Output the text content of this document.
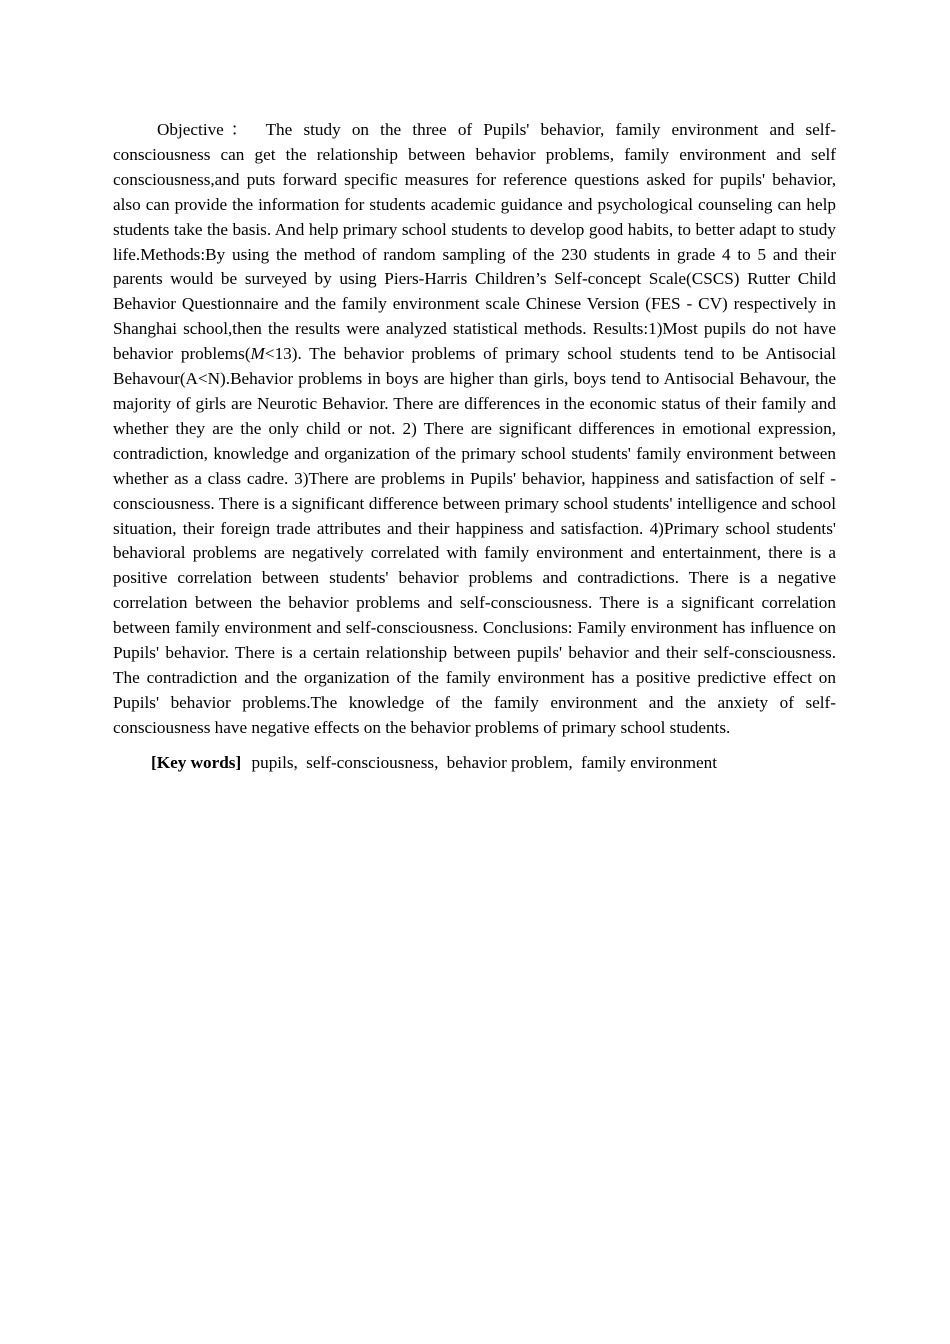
Objective： The study on the three of Pupils' behavior, family environment and self-consciousness can get the relationship between behavior problems, family environment and self consciousness,and puts forward specific measures for reference questions asked for pupils' behavior, also can provide the information for students academic guidance and psychological counseling can help students take the basis. And help primary school students to develop good habits, to better adapt to study life.Methods:By using the method of random sampling of the 230 students in grade 4 to 5 and their parents would be surveyed by using Piers-Harris Children’s Self-concept Scale(CSCS) Rutter Child Behavior Questionnaire and the family environment scale Chinese Version (FES - CV) respectively in Shanghai school,then the results were analyzed statistical methods. Results:1)Most pupils do not have behavior problems(M<13). The behavior problems of primary school students tend to be Antisocial Behavour(A<N).Behavior problems in boys are higher than girls, boys tend to Antisocial Behavour, the majority of girls are Neurotic Behavior. There are differences in the economic status of their family and whether they are the only child or not. 2) There are significant differences in emotional expression, contradiction, knowledge and organization of the primary school students' family environment between whether as a class cadre. 3)There are problems in Pupils' behavior, happiness and satisfaction of self - consciousness. There is a significant difference between primary school students' intelligence and school situation, their foreign trade attributes and their happiness and satisfaction. 4)Primary school students' behavioral problems are negatively correlated with family environment and entertainment, there is a positive correlation between students' behavior problems and contradictions. There is a negative correlation between the behavior problems and self-consciousness. There is a significant correlation between family environment and self-consciousness. Conclusions: Family environment has influence on Pupils' behavior. There is a certain relationship between pupils' behavior and their self-consciousness. The contradiction and the organization of the family environment has a positive predictive effect on Pupils' behavior problems.The knowledge of the family environment and the anxiety of self-consciousness have negative effects on the behavior problems of primary school students.

[Key words] pupils, self-consciousness, behavior problem, family environment
